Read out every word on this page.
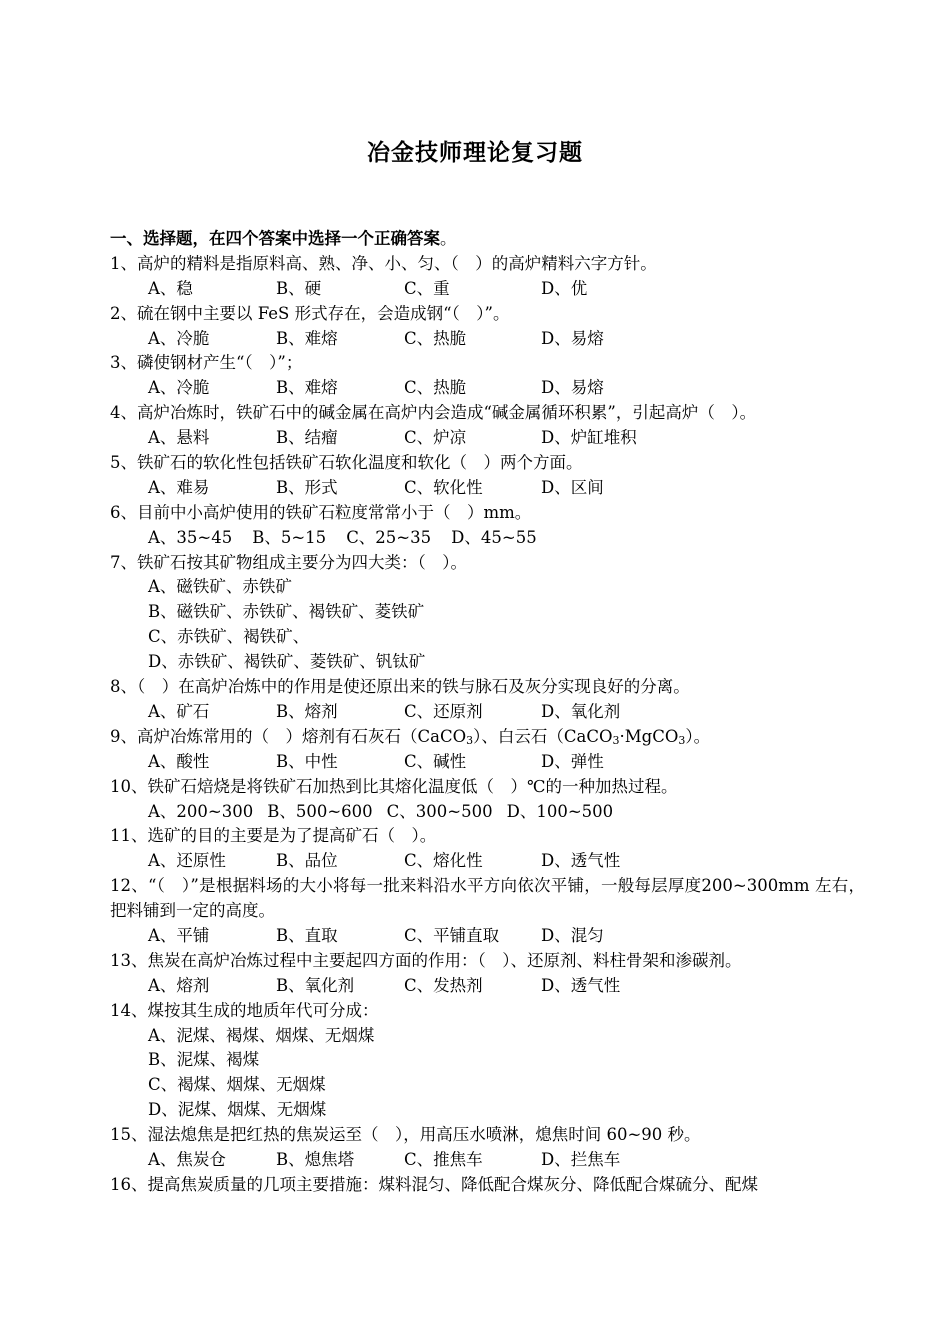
冶金技师理论复习题
一、选择题，在四个答案中选择一个正确答案。
1、高炉的精料是指原料高、熟、净、小、匀、（　）的高炉精料六字方针。
A、稳	B、硬	C、重	D、优
2、硫在钢中主要以 FeS 形式存在，会造成钢“（　）”。
A、冷脆	B、难熔	C、热脆	D、易熔
3、磷使钢材产生“（　）”；
A、冷脆	B、难熔	C、热脆	D、易熔
4、高炉冶炼时，铁矿石中的碱金属在高炉内会造成“碱金属循环积累”，引起高炉（　）。
A、悬料	B、结瘤	C、炉凉	D、炉缸堆积
5、铁矿石的软化性包括铁矿石软化温度和软化（　）两个方面。
A、难易	B、形式	C、软化性	D、区间
6、目前中小高炉使用的铁矿石粒度常常小于（　）mm。
A、35~45 B、5~15 C、25~35 D、45~55
7、铁矿石按其矿物组成主要分为四大类：（　）。
A、磁铁矿、赤铁矿
B、磁铁矿、赤铁矿、褐铁矿、菱铁矿
C、赤铁矿、褐铁矿、
D、赤铁矿、褐铁矿、菱铁矿、钒钛矿
8、（　）在高炉冶炼中的作用是使还原出来的铁与脉石及灰分实现良好的分离。
A、矿石	B、熔剂	C、还原剂	D、氧化剂
9、高炉冶炼常用的（　）熔剂有石灰石（CaCO$_3$）、白云石（CaCO$_3$·MgCO$_3$）。
A、酸性	B、中性	C、碱性	D、弹性
10、铁矿石焙烧是将铁矿石加热到比其熔化温度低（　）℃的一种加热过程。
A、200~300 B、500~600 C、300~500 D、100~500
11、选矿的目的主要是为了提高矿石（　）。
A、还原性	B、品位	C、熔化性	D、透气性
12、“（　）”是根据料场的大小将每一批来料沿水平方向依次平铺，一般每层厚度200~300mm 左右，把料铺到一定的高度。
A、平铺	B、直取	C、平铺直取	D、混匀
13、焦炭在高炉冶炼过程中主要起四方面的作用：（　）、还原剂、料柱骨架和渗碳剂。
A、熔剂	B、氧化剂	C、发热剂	D、透气性
14、煤按其生成的地质年代可分成：
A、泥煤、褐煤、烟煤、无烟煤
B、泥煤、褐煤
C、褐煤、烟煤、无烟煤
D、泥煤、烟煤、无烟煤
15、湿法熄焦是把红热的焦炭运至（　），用高压水喷淋，熄焦时间 60~90 秒。
A、焦炭仓	B、熄焦塔	C、推焦车	D、拦焦车
16、提高焦炭质量的几项主要措施：煤料混匀、降低配合煤灰分、降低配合煤硫分、配煤
